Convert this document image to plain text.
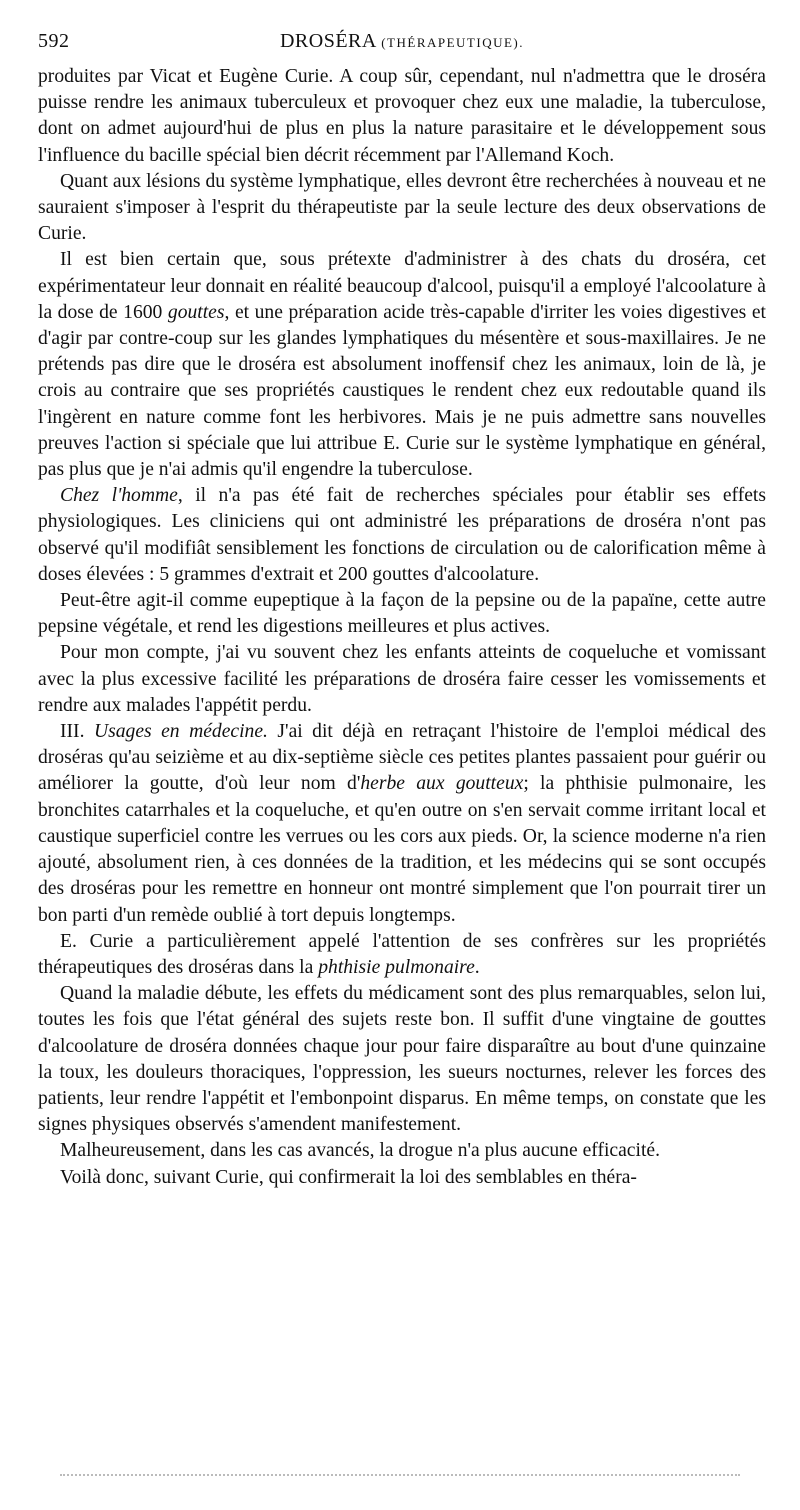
592	DROSÉRA (THÉRAPEUTIQUE).

produites par Vicat et Eugène Curie. A coup sûr, cependant, nul n'admettra que le droséra puisse rendre les animaux tuberculeux et provoquer chez eux une maladie, la tuberculose, dont on admet aujourd'hui de plus en plus la nature parasitaire et le développement sous l'influence du bacille spécial bien décrit récemment par l'Allemand Koch.

Quant aux lésions du système lymphatique, elles devront être recherchées à nouveau et ne sauraient s'imposer à l'esprit du thérapeutiste par la seule lecture des deux observations de Curie.

Il est bien certain que, sous prétexte d'administrer à des chats du droséra, cet expérimentateur leur donnait en réalité beaucoup d'alcool, puisqu'il a employé l'alcoolature à la dose de 1600 gouttes, et une préparation acide très-capable d'irriter les voies digestives et d'agir par contre-coup sur les glandes lymphatiques du mésentère et sous-maxillaires. Je ne prétends pas dire que le droséra est absolument inoffensif chez les animaux, loin de là, je crois au contraire que ses propriétés caustiques le rendent chez eux redoutable quand ils l'ingèrent en nature comme font les herbivores. Mais je ne puis admettre sans nouvelles preuves l'action si spéciale que lui attribue E. Curie sur le système lymphatique en général, pas plus que je n'ai admis qu'il engendre la tuberculose.

Chez l'homme, il n'a pas été fait de recherches spéciales pour établir ses effets physiologiques. Les cliniciens qui ont administré les préparations de droséra n'ont pas observé qu'il modifiât sensiblement les fonctions de circulation ou de calorification même à doses élevées : 5 grammes d'extrait et 200 gouttes d'alcoolature.

Peut-être agit-il comme eupeptique à la façon de la pepsine ou de la papaïne, cette autre pepsine végétale, et rend les digestions meilleures et plus actives.

Pour mon compte, j'ai vu souvent chez les enfants atteints de coqueluche et vomissant avec la plus excessive facilité les préparations de droséra faire cesser les vomissements et rendre aux malades l'appétit perdu.

III. Usages en médecine. J'ai dit déjà en retraçant l'histoire de l'emploi médical des droséras qu'au seizième et au dix-septième siècle ces petites plantes passaient pour guérir ou améliorer la goutte, d'où leur nom d'herbe aux goutteux; la phthisie pulmonaire, les bronchites catarrhales et la coqueluche, et qu'en outre on s'en servait comme irritant local et caustique superficiel contre les verrues ou les cors aux pieds. Or, la science moderne n'a rien ajouté, absolument rien, à ces données de la tradition, et les médecins qui se sont occupés des droséras pour les remettre en honneur ont montré simplement que l'on pourrait tirer un bon parti d'un remède oublié à tort depuis longtemps.

E. Curie a particulièrement appelé l'attention de ses confrères sur les propriétés thérapeutiques des droséras dans la phthisie pulmonaire.

Quand la maladie débute, les effets du médicament sont des plus remarquables, selon lui, toutes les fois que l'état général des sujets reste bon. Il suffit d'une vingtaine de gouttes d'alcoolature de droséra données chaque jour pour faire disparaître au bout d'une quinzaine la toux, les douleurs thoraciques, l'oppression, les sueurs nocturnes, relever les forces des patients, leur rendre l'appétit et l'embonpoint disparus. En même temps, on constate que les signes physiques observés s'amendent manifestement.

Malheureusement, dans les cas avancés, la drogue n'a plus aucune efficacité.

Voilà donc, suivant Curie, qui confirmerait la loi des semblables en théra-
